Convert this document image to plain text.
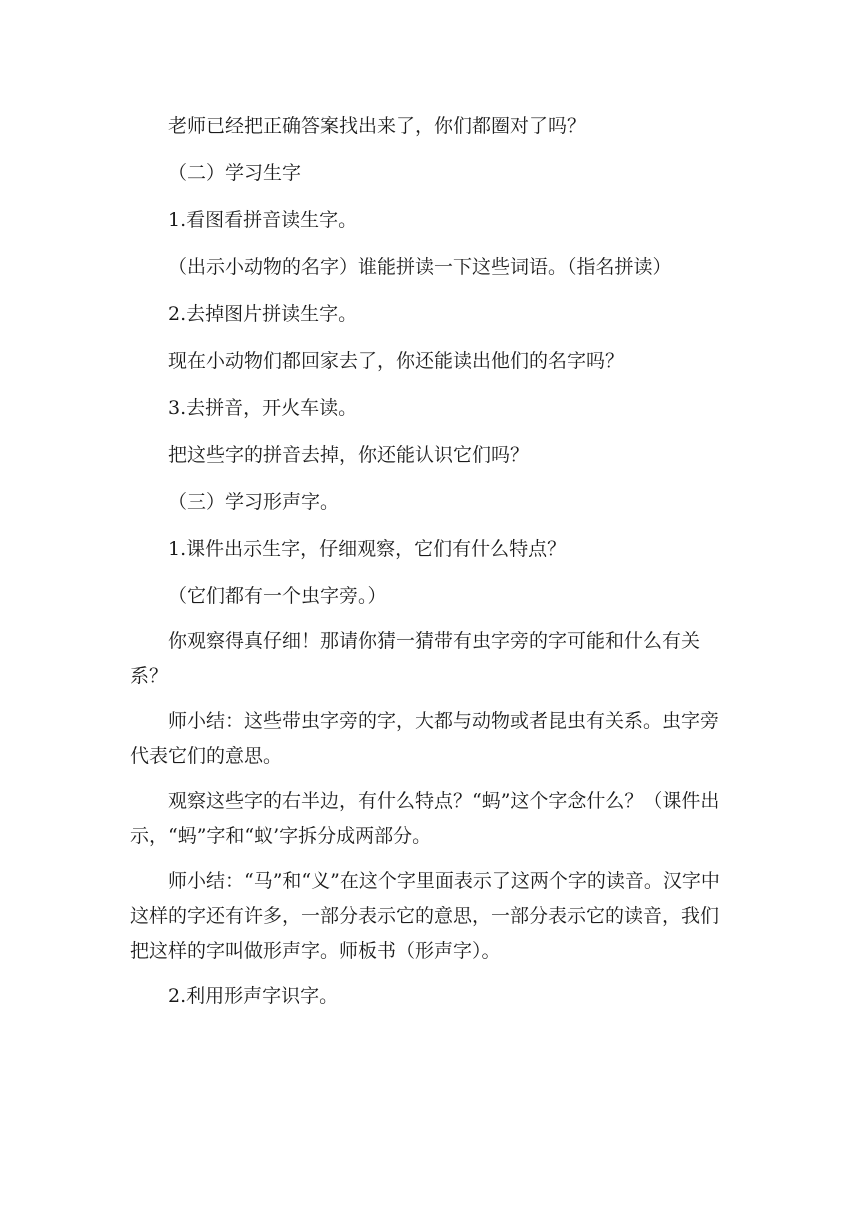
老师已经把正确答案找出来了，你们都圈对了吗？

（二）学习生字

1.看图看拼音读生字。

（出示小动物的名字）谁能拼读一下这些词语。（指名拼读）

2.去掉图片拼读生字。

现在小动物们都回家去了，你还能读出他们的名字吗？

3.去拼音，开火车读。

把这些字的拼音去掉，你还能认识它们吗？

（三）学习形声字。

1.课件出示生字，仔细观察，它们有什么特点？

（它们都有一个虫字旁。）

你观察得真仔细！那请你猜一猜带有虫字旁的字可能和什么有关系？

师小结：这些带虫字旁的字，大都与动物或者昆虫有关系。虫字旁代表它们的意思。

观察这些字的右半边，有什么特点？“蚂”这个字念什么？（课件出示，“蚂”字和“蚁’字拆分成两部分。

师小结：“马”和“义”在这个字里面表示了这两个字的读音。汉字中这样的字还有许多，一部分表示它的意思，一部分表示它的读音，我们把这样的字叫做形声字。师板书（形声字）。

2.利用形声字识字。
